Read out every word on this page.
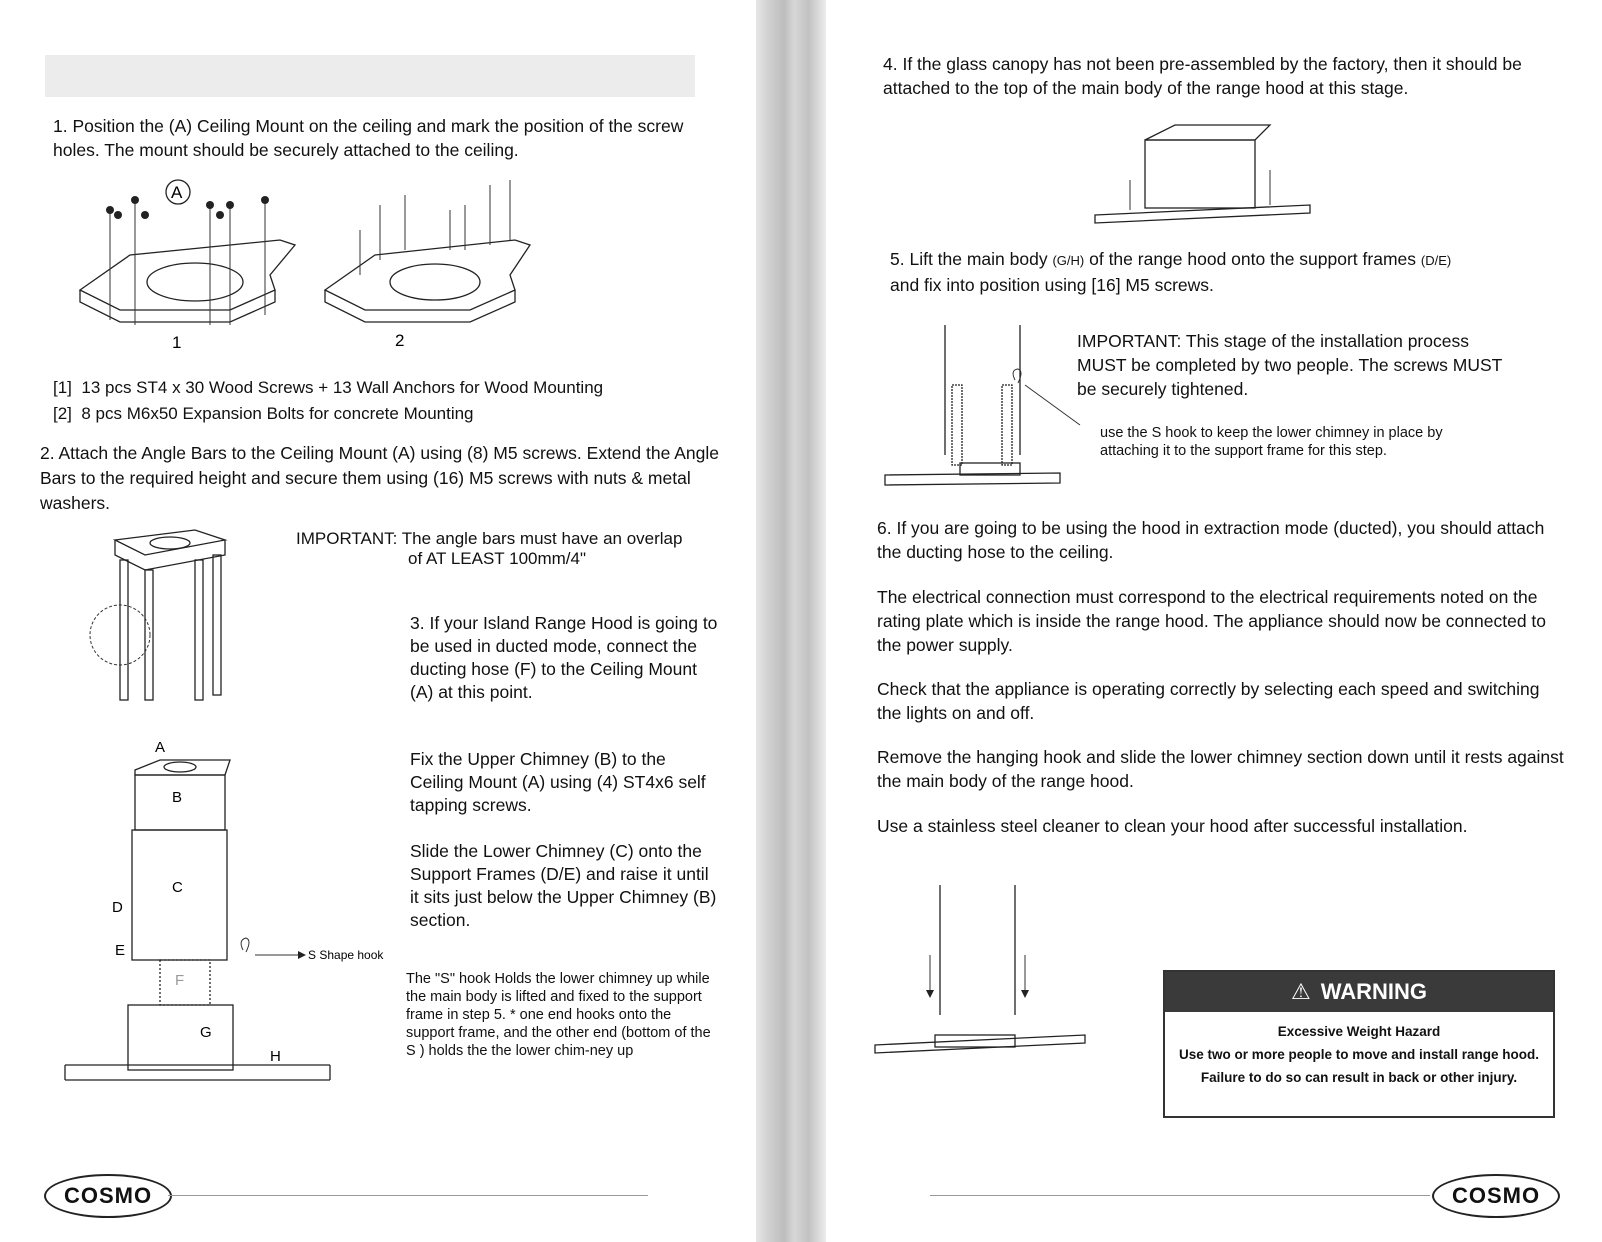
1. Position the (A) Ceiling Mount on the ceiling and mark the position of the screw holes. The mount should be securely attached to the ceiling.

A
1	2
[1] 13 pcs ST4 x 30 Wood Screws + 13 Wall Anchors for Wood Mounting
[2] 8 pcs M6x50 Expansion Bolts for concrete Mounting

2. Attach the Angle Bars to the Ceiling Mount (A) using (8) M5 screws. Extend the Angle Bars to the required height and secure them using (16) M5 screws with nuts & metal washers.

IMPORTANT: The angle bars must have an overlap
of AT LEAST 100mm/4"

3. If your Island Range Hood is going to be used in ducted mode, connect the ducting hose (F) to the Ceiling Mount (A) at this point.

Fix the Upper Chimney (B) to the Ceiling Mount (A) using (4) ST4x6 self tapping screws.

Slide the Lower Chimney (C) onto the Support Frames (D/E) and raise it until it sits just below the Upper Chimney (B) section.

A
B
C
D
E
F
G
H
S Shape hook

The "S" hook Holds the lower chimney up while the main body is lifted and fixed to the support frame in step 5. * one end hooks onto the support frame, and the other end (bottom of the S ) holds the the lower chim-ney up

COSMO

4. If the glass canopy has not been pre-assembled by the factory, then it should be attached to the top of the main body of the range hood at this stage.

5. Lift the main body (G/H) of the range hood onto the support frames (D/E)
and fix into position using [16] M5 screws.

IMPORTANT: This stage of the installation process MUST be completed by two people. The screws MUST be securely tightened.

use the S hook to keep the lower chimney in place by attaching it to the support frame for this step.

6. If you are going to be using the hood in extraction mode (ducted), you should attach the ducting hose to the ceiling.

The electrical connection must correspond to the electrical requirements noted on the rating plate which is inside the range hood. The appliance should now be connected to the power supply.

Check that the appliance is operating correctly by selecting each speed and switching the lights on and off.

Remove the hanging hook and slide the lower chimney section down until it rests against the main body of the range hood.

Use a stainless steel cleaner to clean your hood after successful installation.

⚠ WARNING
Excessive Weight Hazard
Use two or more people to move and install range hood.
Failure to do so can result in back or other injury.
COSMO
